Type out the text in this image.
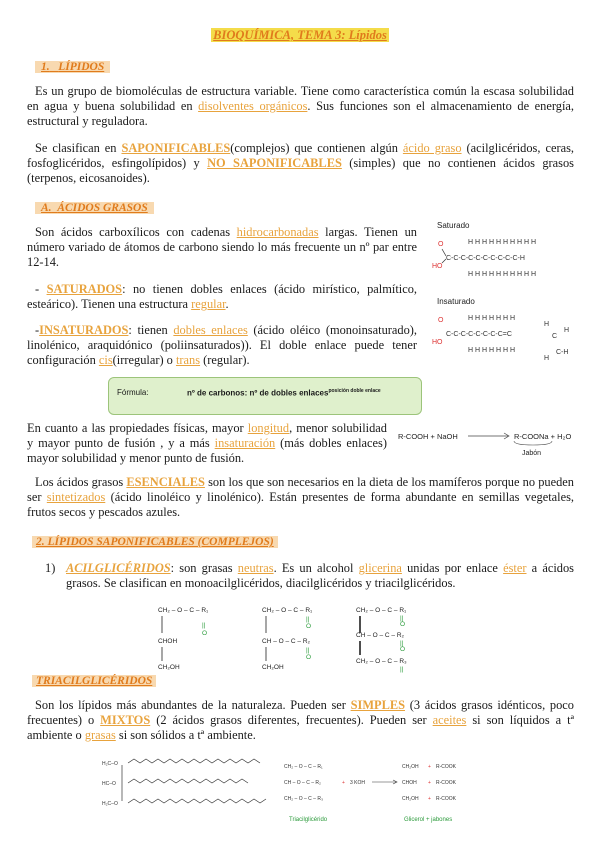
BIOQUÍMICA, TEMA 3: Lípidos
1. LÍPIDOS
Es un grupo de biomoléculas de estructura variable. Tiene como característica común la escasa solubilidad en agua y buena solubilidad en disolventes orgánicos. Sus funciones son el almacenamiento de energía, estructural y reguladora.
Se clasifican en SAPONIFICABLES(complejos) que contienen algún ácido graso (acilglicéridos, ceras, fosfoglicéridos, esfingolípidos) y NO SAPONIFICABLES (simples) que no contienen ácidos grasos (terpenos, eicosanoides).
A. ÁCIDOS GRASOS
Son ácidos carboxílicos con cadenas hidrocarbonadas largas. Tienen un número variado de átomos de carbono siendo lo más frecuente un nº par entre 12-14.
- SATURADOS: no tienen dobles enlaces (ácido mirístico, palmítico, esteárico). Tienen una estructura regular.
-INSATURADOS: tienen dobles enlaces (ácido oléico (monoinsaturado), linolénico, araquidónico (poliinsaturados)). El doble enlace puede tener configuración cis(irregular) o trans (regular).
Saturado
O
HO
H H H H H H H H H H
C-C-C-C-C-C-C-C-C-C-H
H H H H H H H H H H
Insaturado
O
HO
H H H H H H H
C-C-C-C-C-C-C-C=C
H H H H H H H
H
C
H
C-H
H
Fórmula:	nº de carbonos: nº de dobles enlaces$^{posición doble enlace}$
En cuanto a las propiedades físicas, mayor longitud, menor solubilidad y mayor punto de fusión , y a más insaturación (más dobles enlaces) mayor solubilidad y menor punto de fusión.
R-COOH + NaOH → R-COONa + H₂O
Jabón
Los ácidos grasos ESENCIALES son los que son necesarios en la dieta de los mamíferos porque no pueden ser sintetizados (ácido linoléico y linolénico). Están presentes de forma abundante en semillas vegetales, frutos secos y pescados azules.
2. LÍPIDOS SAPONIFICABLES (COMPLEJOS)
1) ACILGLICÉRIDOS: son grasas neutras. Es un alcohol glicerina unidas por enlace éster a ácidos grasos. Se clasifican en monoacilglicéridos, diacilglicéridos y triacilglicéridos.
CH₂ – O – C – R₁
||
O
CHOH
CH₂OH
CH₂ – O – C – R₁
||
O
CH – O – C – R₂
||
O
CH₂OH
CH₂ – O – C – R₁
||
O
CH – O – C – R₂
||
O
CH₂ – O – C – R₃
||
TRIACILGLICÉRIDOS
Son los lípidos más abundantes de la naturaleza. Pueden ser SIMPLES (3 ácidos grasos idénticos, poco frecuentes) o MIXTOS (2 ácidos grasos diferentes, frecuentes). Pueden ser aceites si son líquidos a tª ambiente o grasas si son sólidos a tª ambiente.
H₂C–O
HC–O
H₂C–O
CH₂ – O – C – R₁
CH – O – C – R₂
CH₂ – O – C – R₃
+ 3 KOH
CH₂OH
CHOH
CH₂OH
+
+
+
R-COOK
R-COOK
R-COOK
Triacilglicérido	Glicerol + jabones
